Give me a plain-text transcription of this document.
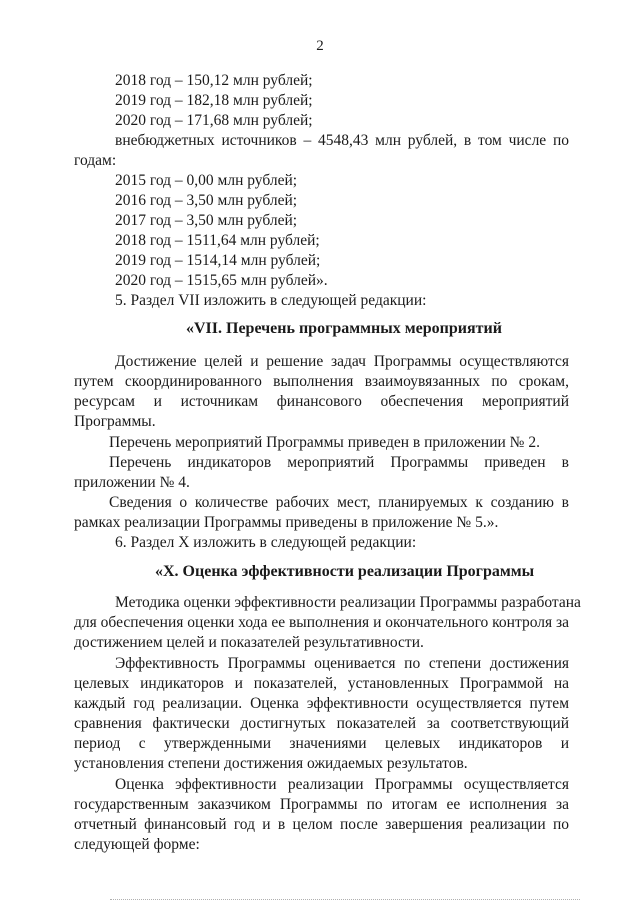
2
2018 год – 150,12 млн рублей;
2019 год – 182,18 млн рублей;
2020 год – 171,68 млн рублей;
внебюджетных источников – 4548,43 млн рублей, в том числе по
годам:
2015 год – 0,00 млн рублей;
2016 год – 3,50 млн рублей;
2017 год – 3,50 млн рублей;
2018 год – 1511,64 млн рублей;
2019 год – 1514,14 млн рублей;
2020 год – 1515,65 млн рублей».
5. Раздел VII изложить в следующей редакции:
«VII. Перечень программных мероприятий
Достижение целей и решение задач Программы осуществляются
путем скоординированного выполнения взаимоувязанных по срокам,
ресурсам и источникам финансового обеспечения мероприятий
Программы.
Перечень мероприятий Программы приведен в приложении № 2.
Перечень индикаторов мероприятий Программы приведен в
приложении № 4.
Сведения о количестве рабочих мест, планируемых к созданию в
рамках реализации Программы приведены в приложение № 5.».
6. Раздел X изложить в следующей редакции:
«X. Оценка эффективности реализации Программы
Методика оценки эффективности реализации Программы разработана
для обеспечения оценки хода ее выполнения и окончательного контроля за
достижением целей и показателей результативности.
Эффективность Программы оценивается по степени достижения
целевых индикаторов и показателей, установленных Программой на
каждый год реализации. Оценка эффективности осуществляется путем
сравнения фактически достигнутых показателей за соответствующий
период с утвержденными значениями целевых индикаторов и
установления степени достижения ожидаемых результатов.
Оценка эффективности реализации Программы осуществляется
государственным заказчиком Программы по итогам ее исполнения за
отчетный финансовый год и в целом после завершения реализации по
следующей форме:
